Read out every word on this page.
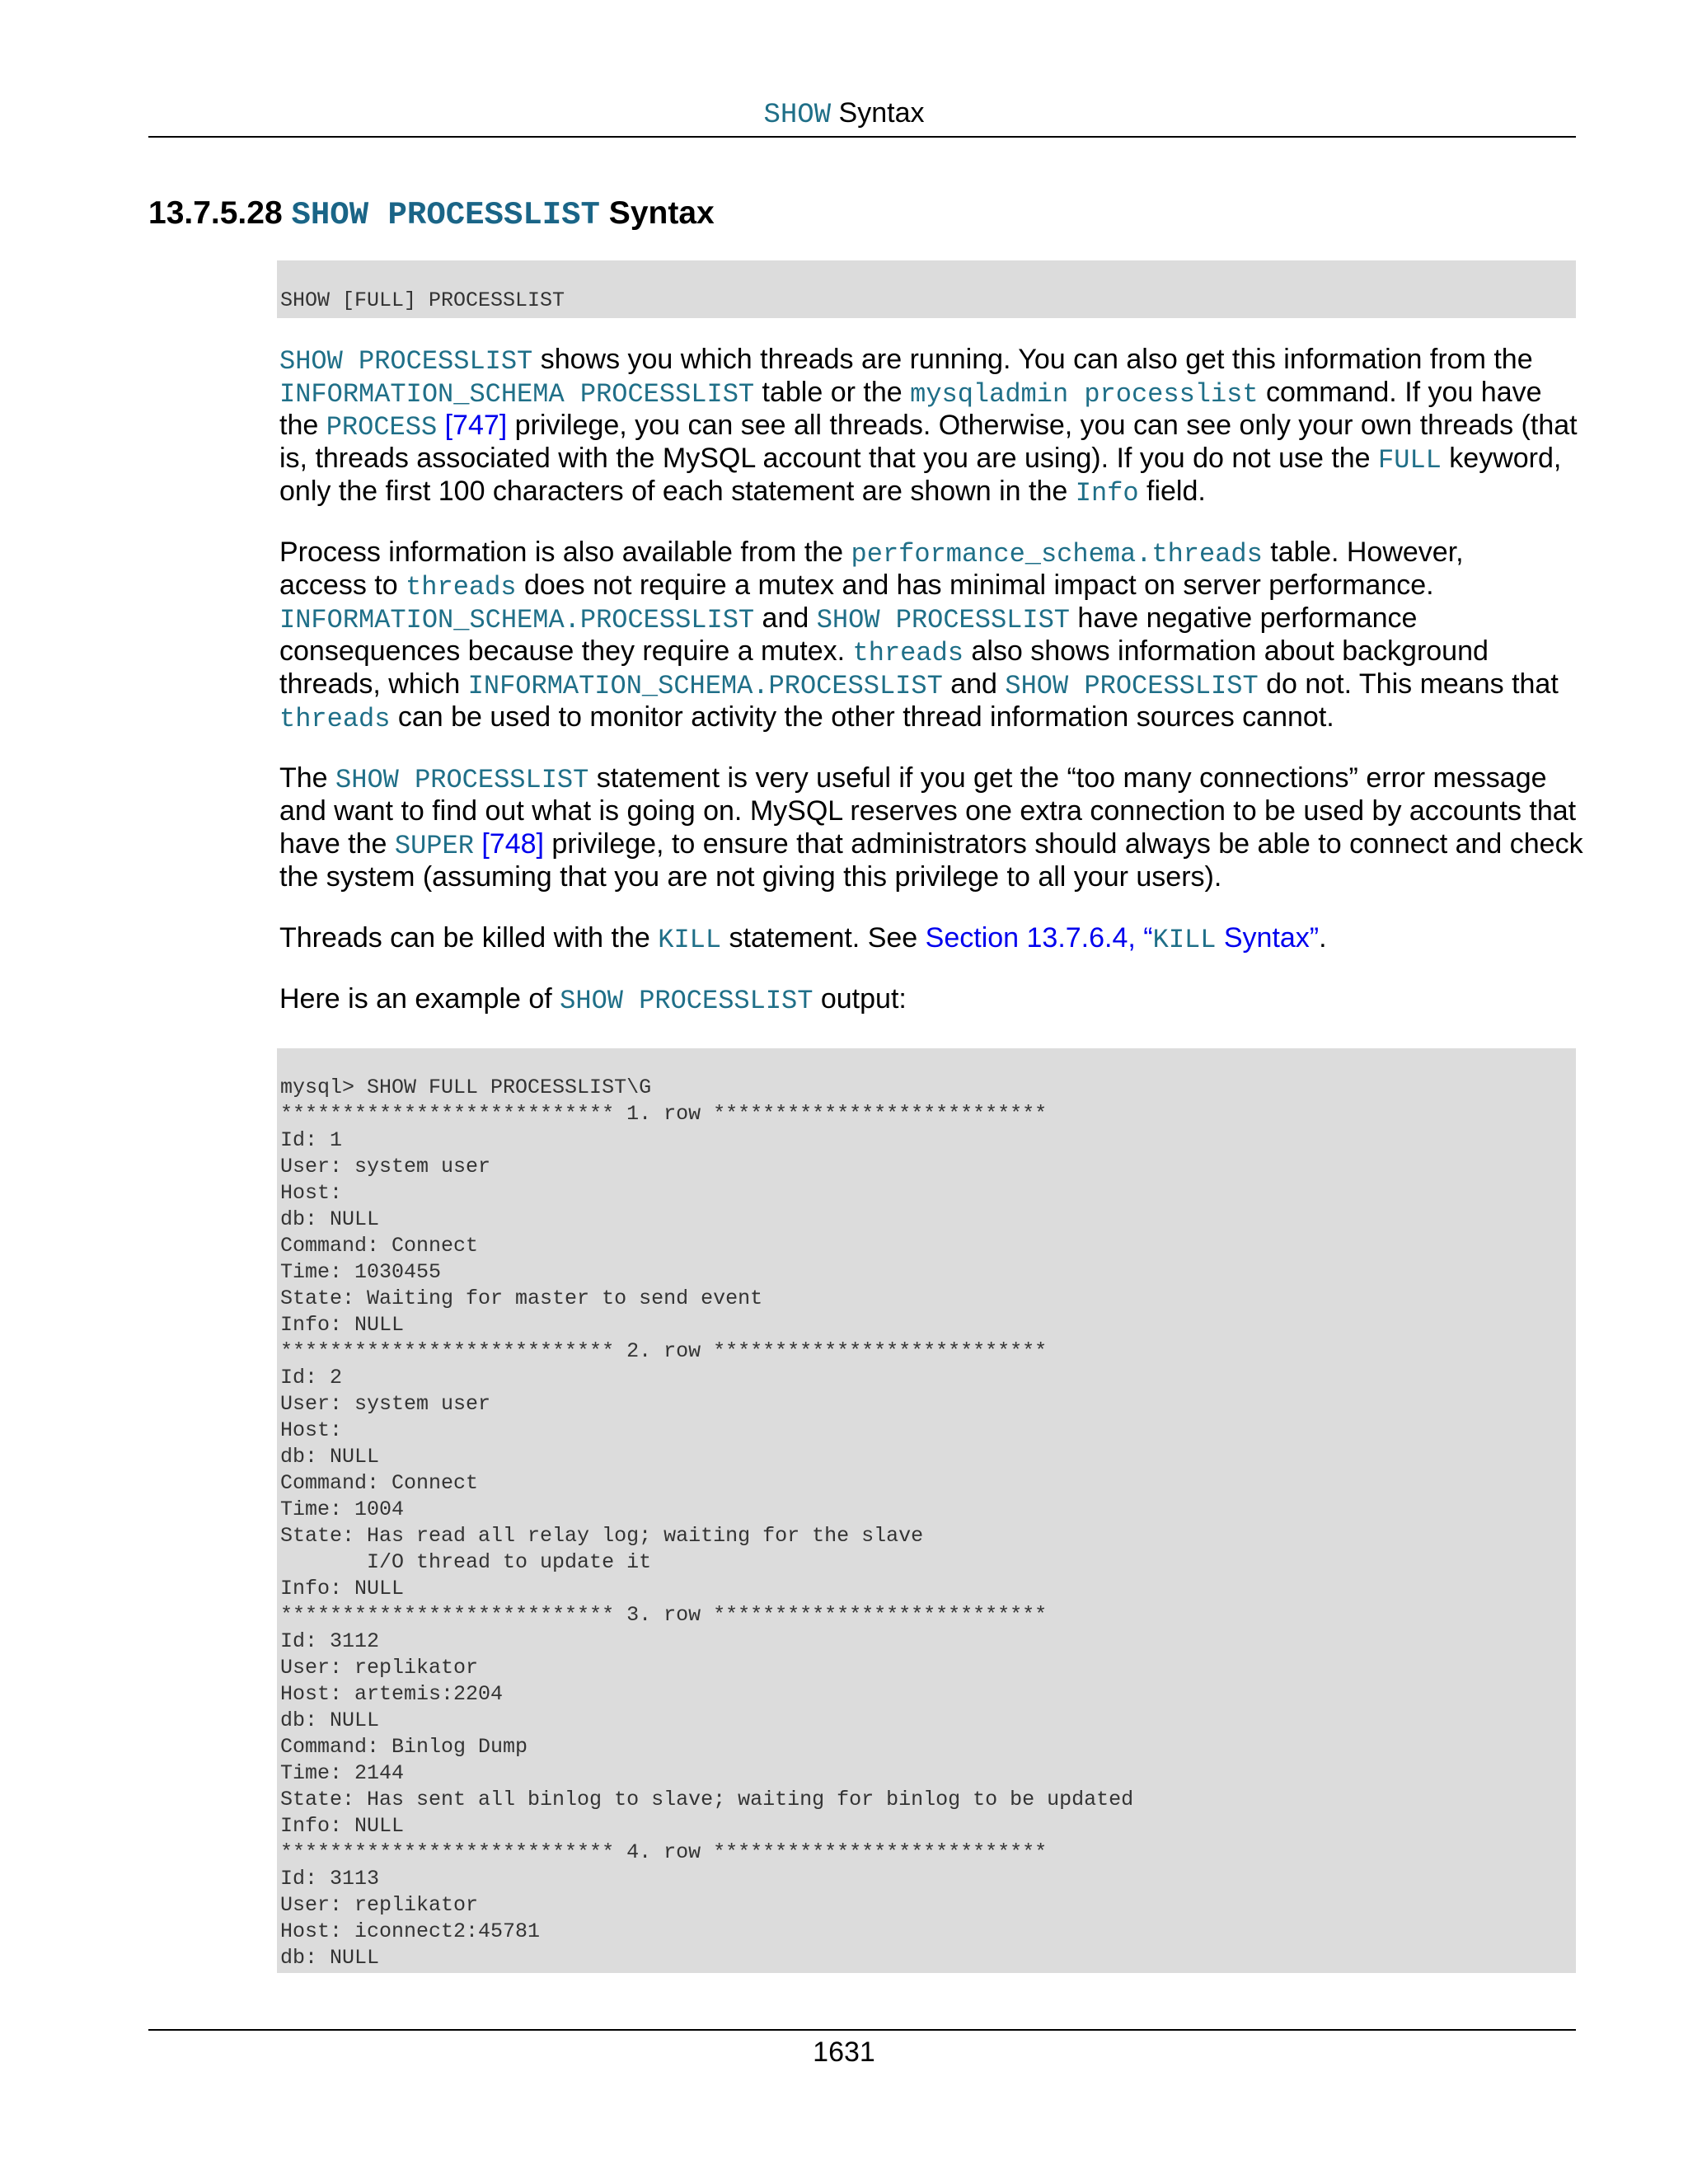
SHOW Syntax
13.7.5.28 SHOW PROCESSLIST Syntax
SHOW [FULL] PROCESSLIST

SHOW PROCESSLIST shows you which threads are running. You can also get this information from the

INFORMATION_SCHEMA PROCESSLIST table or the mysqladmin processlist command. If you have

the PROCESS [747] privilege, you can see all threads. Otherwise, you can see only your own threads (that

is, threads associated with the MySQL account that you are using). If you do not use the FULL keyword,

only the first 100 characters of each statement are shown in the Info field.

Process information is also available from the performance_schema.threads table. However,

access to threads does not require a mutex and has minimal impact on server performance.

INFORMATION_SCHEMA.PROCESSLIST and SHOW PROCESSLIST have negative performance

consequences because they require a mutex. threads also shows information about background

threads, which INFORMATION_SCHEMA.PROCESSLIST and SHOW PROCESSLIST do not. This means that

threads can be used to monitor activity the other thread information sources cannot.

The SHOW PROCESSLIST statement is very useful if you get the “too many connections” error message

and want to find out what is going on. MySQL reserves one extra connection to be used by accounts that

have the SUPER [748] privilege, to ensure that administrators should always be able to connect and check

the system (assuming that you are not giving this privilege to all your users).

Threads can be killed with the KILL statement. See Section 13.7.6.4, “KILL Syntax”.

Here is an example of SHOW PROCESSLIST output:

mysql> SHOW FULL PROCESSLIST\G
*************************** 1. row ***************************
Id: 1
User: system user
Host:
db: NULL
Command: Connect
Time: 1030455
State: Waiting for master to send event
Info: NULL
*************************** 2. row ***************************
Id: 2
User: system user
Host:
db: NULL
Command: Connect
Time: 1004
State: Has read all relay log; waiting for the slave
I/O thread to update it
Info: NULL
*************************** 3. row ***************************
Id: 3112
User: replikator
Host: artemis:2204
db: NULL
Command: Binlog Dump
Time: 2144
State: Has sent all binlog to slave; waiting for binlog to be updated
Info: NULL
*************************** 4. row ***************************
Id: 3113
User: replikator
Host: iconnect2:45781
db: NULL
1631
